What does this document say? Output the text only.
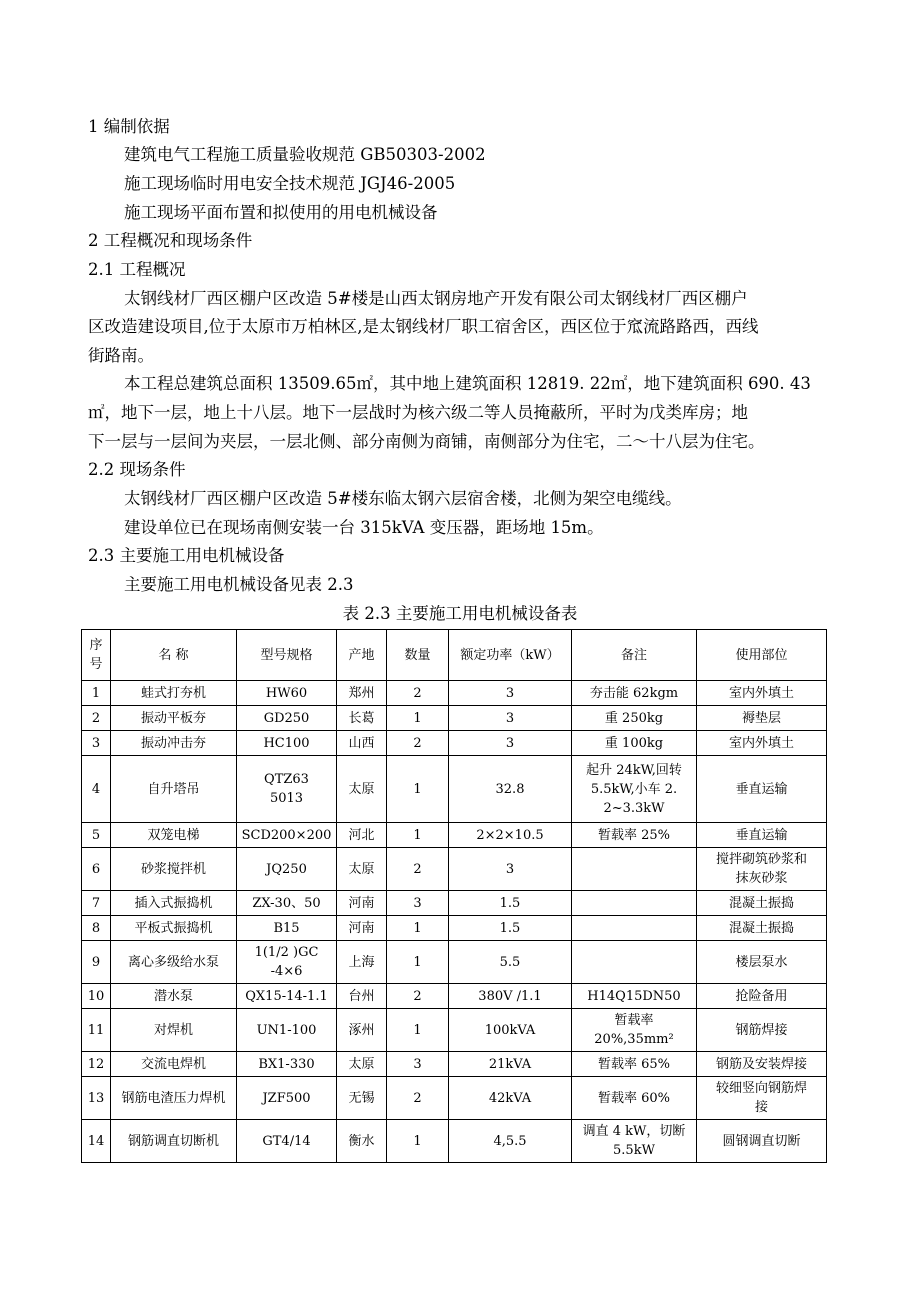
1 编制依据
建筑电气工程施工质量验收规范 GB50303-2002
施工现场临时用电安全技术规范 JGJ46-2005
施工现场平面布置和拟使用的用电机械设备
2 工程概况和现场条件
2.1 工程概况
太钢线材厂西区棚户区改造 5#楼是山西太钢房地产开发有限公司太钢线材厂西区棚户
区改造建设项目,位于太原市万柏林区,是太钢线材厂职工宿舍区，西区位于窊流路路西，西线
街路南。
本工程总建筑总面积 13509.65㎡，其中地上建筑面积 12819. 22㎡，地下建筑面积 690. 43
㎡，地下一层，地上十八层。地下一层战时为核六级二等人员掩蔽所，平时为戊类库房；地
下一层与一层间为夹层，一层北侧、部分南侧为商铺，南侧部分为住宅，二～十八层为住宅。
2.2 现场条件
太钢线材厂西区棚户区改造 5#楼东临太钢六层宿舍楼，北侧为架空电缆线。
建设单位已在现场南侧安装一台 315kVA 变压器，距场地 15m。
2.3 主要施工用电机械设备
主要施工用电机械设备见表 2.3
表 2.3 主要施工用电机械设备表
序
号	名 称	型号规格	产地	数量	额定功率（kW）	备注	使用部位
1	蛙式打夯机	HW60	郑州	2	3	夯击能 62kgm	室内外填土
2	振动平板夯	GD250	长葛	1	3	重 250kg	褥垫层
3	振动冲击夯	HC100	山西	2	3	重 100kg	室内外填土
4	自升塔吊	QTZ63
5013	太原	1	32.8	起升 24kW,回转
5.5kW,小车 2.
2~3.3kW	垂直运输
5	双笼电梯	SCD200×200	河北	1	2×2×10.5	暂载率 25%	垂直运输
6	砂浆搅拌机	JQ250	太原	2	3		搅拌砌筑砂浆和
抹灰砂浆
7	插入式振捣机	ZX-30、50	河南	3	1.5		混凝土振捣
8	平板式振捣机	B15	河南	1	1.5		混凝土振捣
9	离心多级给水泵	1(1/2 )GC
-4×6	上海	1	5.5		楼层泵水
10	潜水泵	QX15-14-1.1	台州	2	380V /1.1	H14Q15DN50	抢险备用
11	对焊机	UN1-100	涿州	1	100kVA	暂载率
20%,35mm²	钢筋焊接
12	交流电焊机	BX1-330	太原	3	21kVA	暂载率 65%	钢筋及安装焊接
13	钢筋电渣压力焊机	JZF500	无锡	2	42kVA	暂载率 60%	较细竖向钢筋焊
接
14	钢筋调直切断机	GT4/14	衡水	1	4,5.5	调直 4 kW，切断
5.5kW	圆钢调直切断
